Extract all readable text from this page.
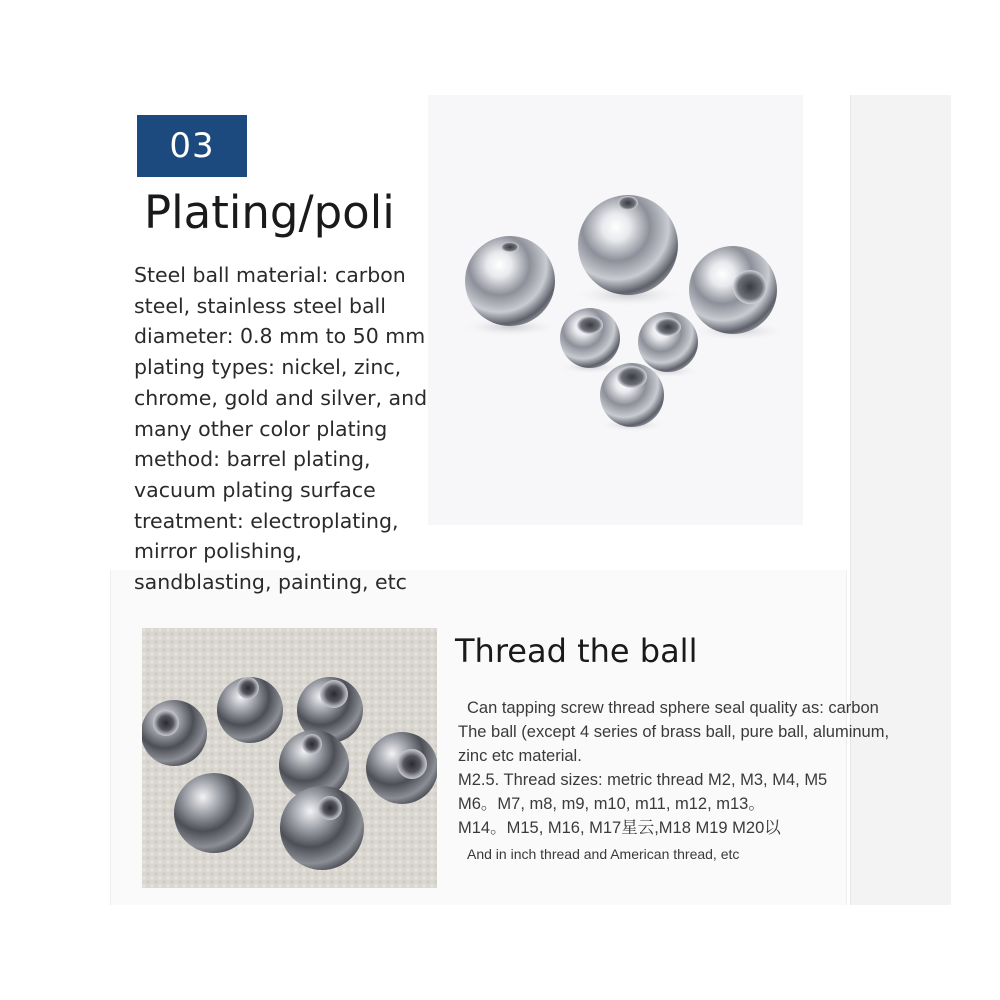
03
Plating/poli
Steel ball material: carbon
steel, stainless steel ball
diameter: 0.8 mm to 50 mm
plating types: nickel, zinc,
chrome, gold and silver, and
many other color plating
method: barrel plating,
vacuum plating surface
treatment: electroplating,
mirror polishing,
sandblasting, painting, etc
Thread the ball
Can tapping screw thread sphere seal quality as: carbon
The ball (except 4 series of brass ball, pure ball, aluminum,
zinc etc material.
M2.5. Thread sizes: metric thread M2, M3, M4, M5
M6。M7, m8, m9, m10, m11, m12, m13。
M14。M15, M16, M17星云,M18 M19 M20以
And in inch thread and American thread, etc
